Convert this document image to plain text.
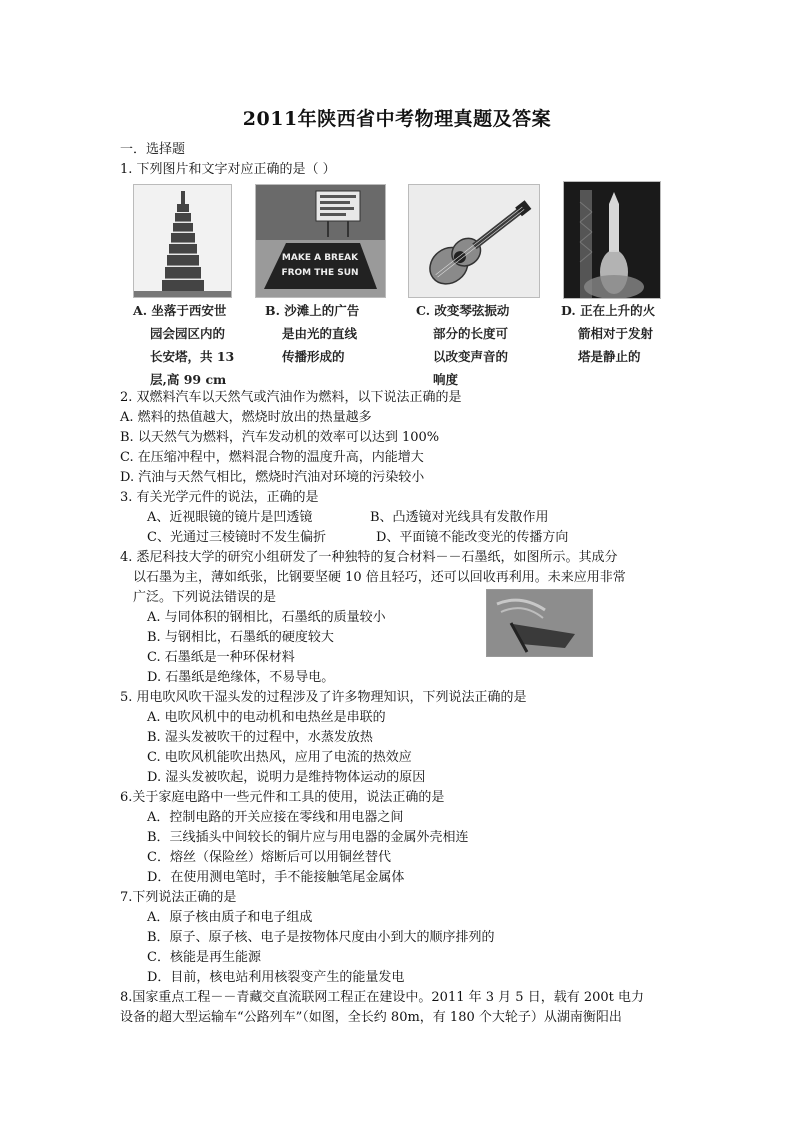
2011年陕西省中考物理真题及答案
一．选择题
1. 下列图片和文字对应正确的是（ ）
MAKE A BREAK
FROM THE SUN
A. 坐落于西安世
园会园区内的
长安塔，共 13
层,高 99 cm
B. 沙滩上的广告
是由光的直线
传播形成的
C. 改变琴弦振动
部分的长度可
以改变声音的
响度
D. 正在上升的火
箭相对于发射
塔是静止的
2. 双燃料汽车以天然气或汽油作为燃料，以下说法正确的是
A. 燃料的热值越大，燃烧时放出的热量越多
B. 以天然气为燃料，汽车发动机的效率可以达到 100%
C. 在压缩冲程中，燃料混合物的温度升高，内能增大
D. 汽油与天然气相比，燃烧时汽油对环境的污染较小
3. 有关光学元件的说法，正确的是
A、近视眼镜的镜片是凹透镜	B、凸透镜对光线具有发散作用
C、光通过三棱镜时不发生偏折	D、平面镜不能改变光的传播方向
4. 悉尼科技大学的研究小组研发了一种独特的复合材料－－石墨纸，如图所示。其成分
以石墨为主，薄如纸张，比钢要坚硬 10 倍且轻巧，还可以回收再利用。未来应用非常
广泛。下列说法错误的是
A. 与同体积的钢相比，石墨纸的质量较小
B. 与钢相比，石墨纸的硬度较大
C. 石墨纸是一种环保材料
D. 石墨纸是绝缘体，不易导电。
5. 用电吹风吹干湿头发的过程涉及了许多物理知识，下列说法正确的是
A. 电吹风机中的电动机和电热丝是串联的
B. 湿头发被吹干的过程中，水蒸发放热
C. 电吹风机能吹出热风，应用了电流的热效应
D. 湿头发被吹起，说明力是维持物体运动的原因
6.关于家庭电路中一些元件和工具的使用，说法正确的是
A．控制电路的开关应接在零线和用电器之间
B．三线插头中间较长的铜片应与用电器的金属外壳相连
C．熔丝（保险丝）熔断后可以用铜丝替代
D．在使用测电笔时，手不能接触笔尾金属体
7.下列说法正确的是
A．原子核由质子和电子组成
B．原子、原子核、电子是按物体尺度由小到大的顺序排列的
C．核能是再生能源
D．目前，核电站利用核裂变产生的能量发电
8.国家重点工程－－青藏交直流联网工程正在建设中。2011 年 3 月 5 日，载有 200t 电力
设备的超大型运输车“公路列车”（如图，全长约 80m，有 180 个大轮子）从湖南衡阳出
